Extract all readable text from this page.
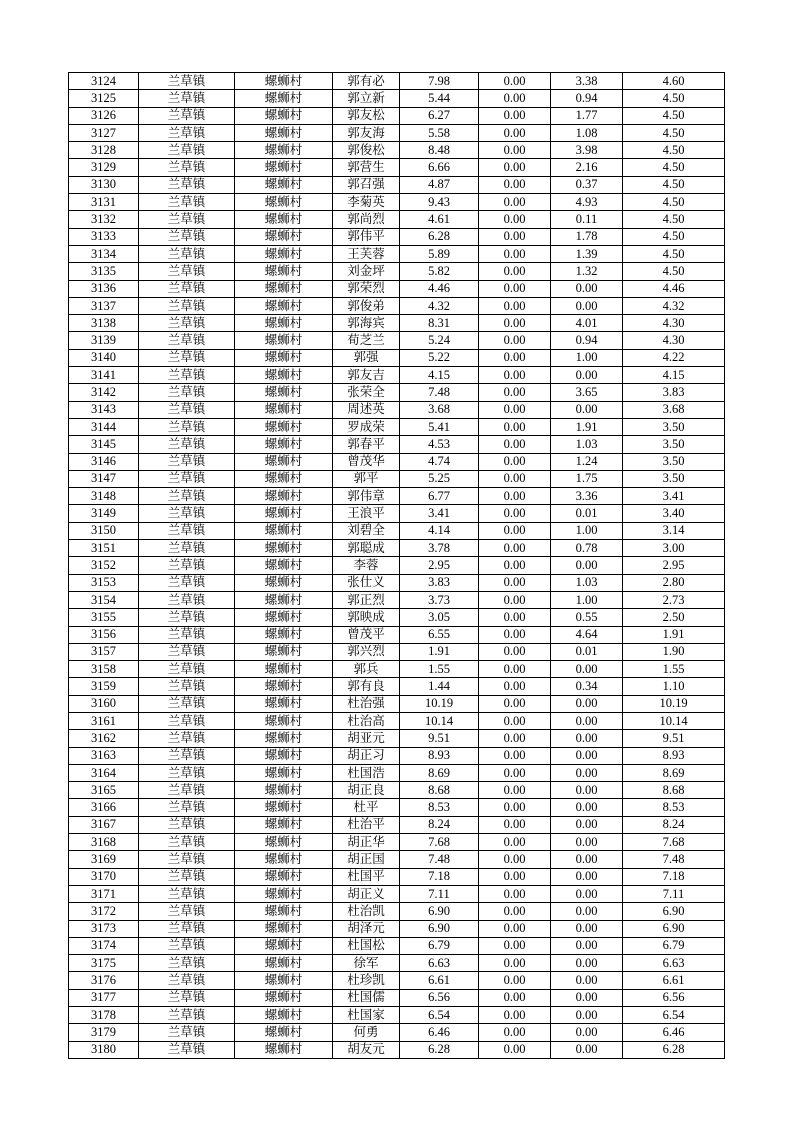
3124	兰草镇	螺蛳村	郭有必	7.98	0.00	3.38	4.60
3125	兰草镇	螺蛳村	郭立新	5.44	0.00	0.94	4.50
3126	兰草镇	螺蛳村	郭友松	6.27	0.00	1.77	4.50
3127	兰草镇	螺蛳村	郭友海	5.58	0.00	1.08	4.50
3128	兰草镇	螺蛳村	郭俊松	8.48	0.00	3.98	4.50
3129	兰草镇	螺蛳村	郭营生	6.66	0.00	2.16	4.50
3130	兰草镇	螺蛳村	郭召强	4.87	0.00	0.37	4.50
3131	兰草镇	螺蛳村	李菊英	9.43	0.00	4.93	4.50
3132	兰草镇	螺蛳村	郭尚烈	4.61	0.00	0.11	4.50
3133	兰草镇	螺蛳村	郭伟平	6.28	0.00	1.78	4.50
3134	兰草镇	螺蛳村	王芙蓉	5.89	0.00	1.39	4.50
3135	兰草镇	螺蛳村	刘金坪	5.82	0.00	1.32	4.50
3136	兰草镇	螺蛳村	郭荣烈	4.46	0.00	0.00	4.46
3137	兰草镇	螺蛳村	郭俊弟	4.32	0.00	0.00	4.32
3138	兰草镇	螺蛳村	郭海宾	8.31	0.00	4.01	4.30
3139	兰草镇	螺蛳村	荀芝兰	5.24	0.00	0.94	4.30
3140	兰草镇	螺蛳村	郭强	5.22	0.00	1.00	4.22
3141	兰草镇	螺蛳村	郭友吉	4.15	0.00	0.00	4.15
3142	兰草镇	螺蛳村	张荣全	7.48	0.00	3.65	3.83
3143	兰草镇	螺蛳村	周述英	3.68	0.00	0.00	3.68
3144	兰草镇	螺蛳村	罗成荣	5.41	0.00	1.91	3.50
3145	兰草镇	螺蛳村	郭春平	4.53	0.00	1.03	3.50
3146	兰草镇	螺蛳村	曾茂华	4.74	0.00	1.24	3.50
3147	兰草镇	螺蛳村	郭平	5.25	0.00	1.75	3.50
3148	兰草镇	螺蛳村	郭伟章	6.77	0.00	3.36	3.41
3149	兰草镇	螺蛳村	王浪平	3.41	0.00	0.01	3.40
3150	兰草镇	螺蛳村	刘碧全	4.14	0.00	1.00	3.14
3151	兰草镇	螺蛳村	郭聪成	3.78	0.00	0.78	3.00
3152	兰草镇	螺蛳村	李蓉	2.95	0.00	0.00	2.95
3153	兰草镇	螺蛳村	张仕义	3.83	0.00	1.03	2.80
3154	兰草镇	螺蛳村	郭正烈	3.73	0.00	1.00	2.73
3155	兰草镇	螺蛳村	郭映成	3.05	0.00	0.55	2.50
3156	兰草镇	螺蛳村	曾茂平	6.55	0.00	4.64	1.91
3157	兰草镇	螺蛳村	郭兴烈	1.91	0.00	0.01	1.90
3158	兰草镇	螺蛳村	郭兵	1.55	0.00	0.00	1.55
3159	兰草镇	螺蛳村	郭有良	1.44	0.00	0.34	1.10
3160	兰草镇	螺蛳村	杜治强	10.19	0.00	0.00	10.19
3161	兰草镇	螺蛳村	杜治高	10.14	0.00	0.00	10.14
3162	兰草镇	螺蛳村	胡亚元	9.51	0.00	0.00	9.51
3163	兰草镇	螺蛳村	胡正习	8.93	0.00	0.00	8.93
3164	兰草镇	螺蛳村	杜国浩	8.69	0.00	0.00	8.69
3165	兰草镇	螺蛳村	胡正良	8.68	0.00	0.00	8.68
3166	兰草镇	螺蛳村	杜平	8.53	0.00	0.00	8.53
3167	兰草镇	螺蛳村	杜治平	8.24	0.00	0.00	8.24
3168	兰草镇	螺蛳村	胡正华	7.68	0.00	0.00	7.68
3169	兰草镇	螺蛳村	胡正国	7.48	0.00	0.00	7.48
3170	兰草镇	螺蛳村	杜国平	7.18	0.00	0.00	7.18
3171	兰草镇	螺蛳村	胡正义	7.11	0.00	0.00	7.11
3172	兰草镇	螺蛳村	杜治凯	6.90	0.00	0.00	6.90
3173	兰草镇	螺蛳村	胡泽元	6.90	0.00	0.00	6.90
3174	兰草镇	螺蛳村	杜国松	6.79	0.00	0.00	6.79
3175	兰草镇	螺蛳村	徐军	6.63	0.00	0.00	6.63
3176	兰草镇	螺蛳村	杜珍凯	6.61	0.00	0.00	6.61
3177	兰草镇	螺蛳村	杜国儒	6.56	0.00	0.00	6.56
3178	兰草镇	螺蛳村	杜国家	6.54	0.00	0.00	6.54
3179	兰草镇	螺蛳村	何勇	6.46	0.00	0.00	6.46
3180	兰草镇	螺蛳村	胡友元	6.28	0.00	0.00	6.28
